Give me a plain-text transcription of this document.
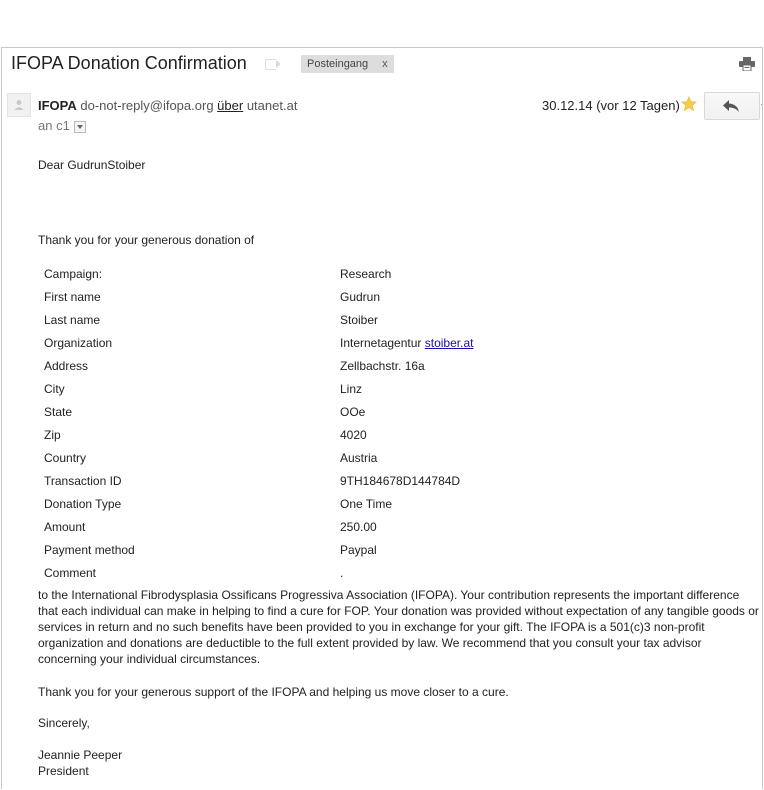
IFOPA Donation Confirmation	Posteingang x
IFOPA do-not-reply@ifopa.org über utanet.at
an
c1
30.12.14 (vor 12 Tagen)
Dear GudrunStoiber
Thank you for your generous donation of
Campaign:	Research
First name	Gudrun
Last name	Stoiber
Organization	Internetagentur stoiber.at
Address	Zellbachstr. 16a
City	Linz
State	OOe
Zip	4020
Country	Austria
Transaction ID	9TH184678D144784D
Donation Type	One Time
Amount	250.00
Payment method	Paypal
Comment	.
to the International Fibrodysplasia Ossificans Progressiva Association (IFOPA). Your contribution represents the important difference that each individual can make in helping to find a cure for FOP. Your donation was provided without expectation of any tangible goods or services in return and no such benefits have been provided to you in exchange for your gift. The IFOPA is a 501(c)3 non-profit organization and donations are deductible to the full extent provided by law. We recommend that you consult your tax advisor concerning your individual circumstances.
Thank you for your generous support of the IFOPA and helping us move closer to a cure.
Sincerely,
Jeannie Peeper
President
